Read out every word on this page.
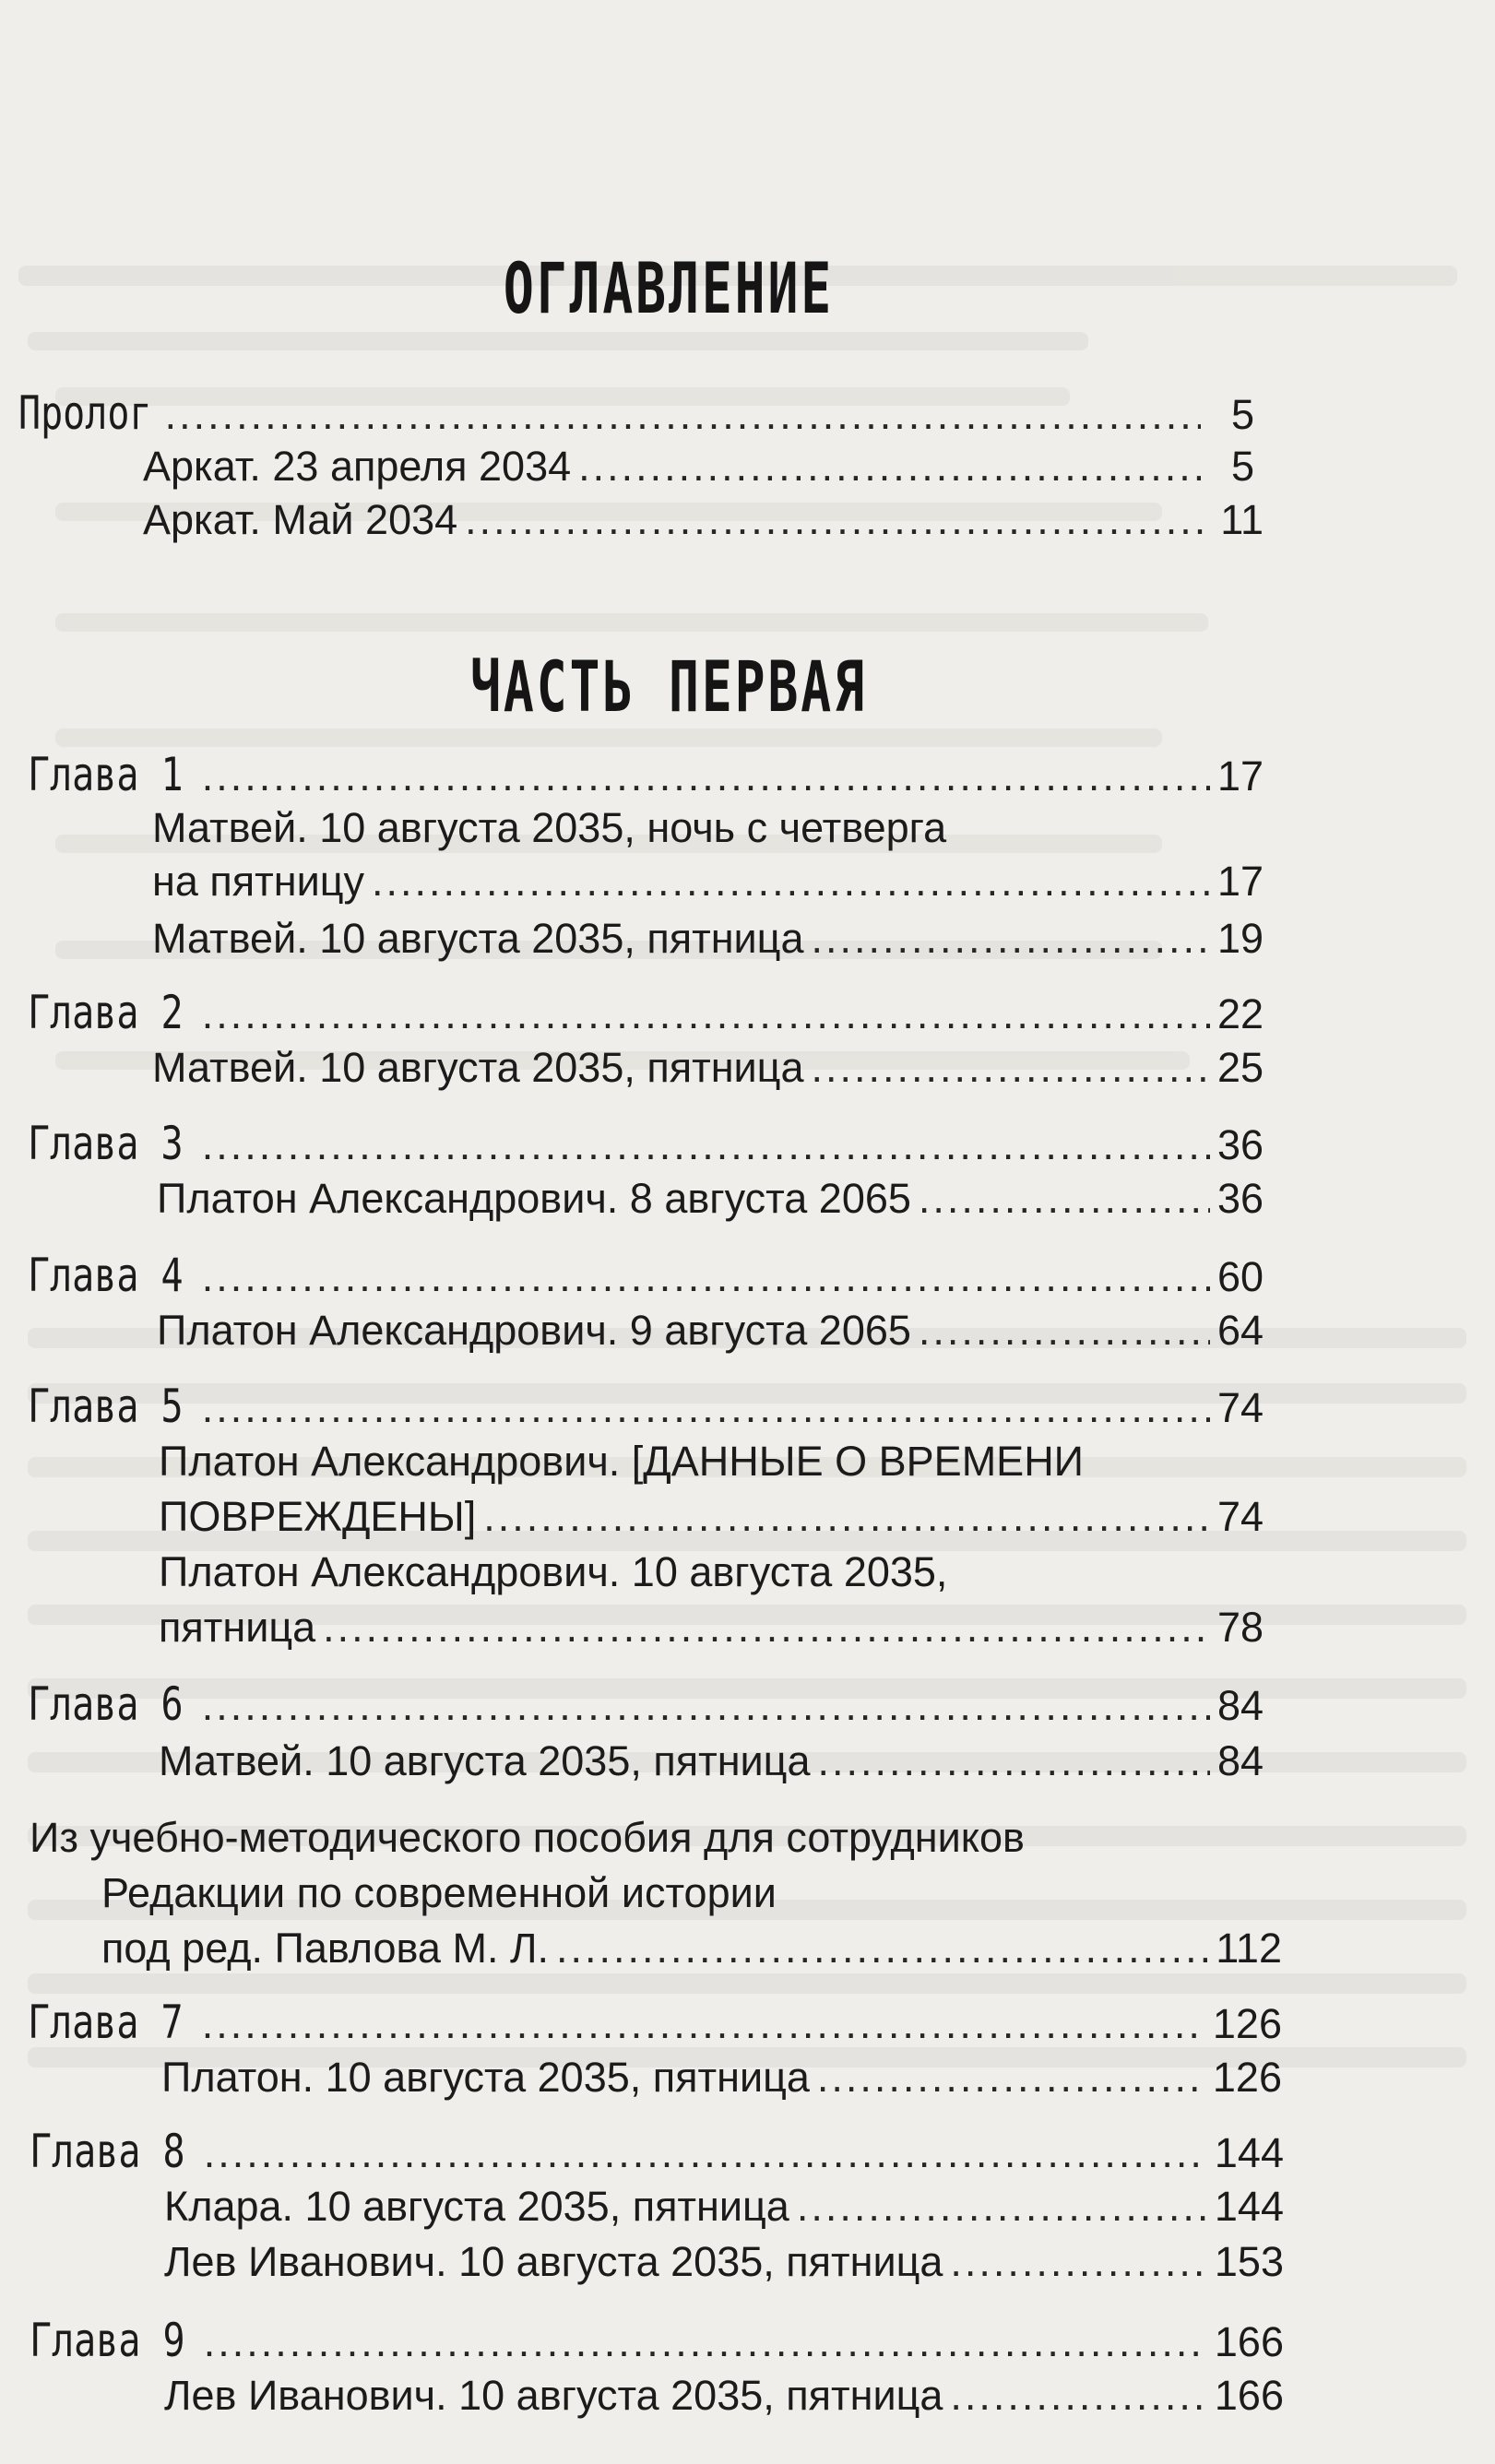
ОГЛАВЛЕНИЕ
Пролог .....	5
Аркат. 23 апреля 2034 .....	5
Аркат. Май 2034 .....	11
ЧАСТЬ ПЕРВАЯ
Глава 1 .....	17
Матвей. 10 августа 2035, ночь с четверга
на пятницу .....	17
Матвей. 10 августа 2035, пятница .....	19
Глава 2 .....	22
Матвей. 10 августа 2035, пятница .....	25
Глава 3 .....	36
Платон Александрович. 8 августа 2065 .....	36
Глава 4 .....	60
Платон Александрович. 9 августа 2065 .....	64
Глава 5 .....	74
Платон Александрович. [ДАННЫЕ О ВРЕМЕНИ
ПОВРЕЖДЕНЫ] .....	74
Платон Александрович. 10 августа 2035,
пятница .....	78
Глава 6 .....	84
Матвей. 10 августа 2035, пятница .....	84
Из учебно-методического пособия для сотрудников
Редакции по современной истории
под ред. Павлова М. Л. .....	112
Глава 7 .....	126
Платон. 10 августа 2035, пятница .....	126
Глава 8 .....	144
Клара. 10 августа 2035, пятница .....	144
Лев Иванович. 10 августа 2035, пятница .....	153
Глава 9 .....	166
Лев Иванович. 10 августа 2035, пятница .....	166
